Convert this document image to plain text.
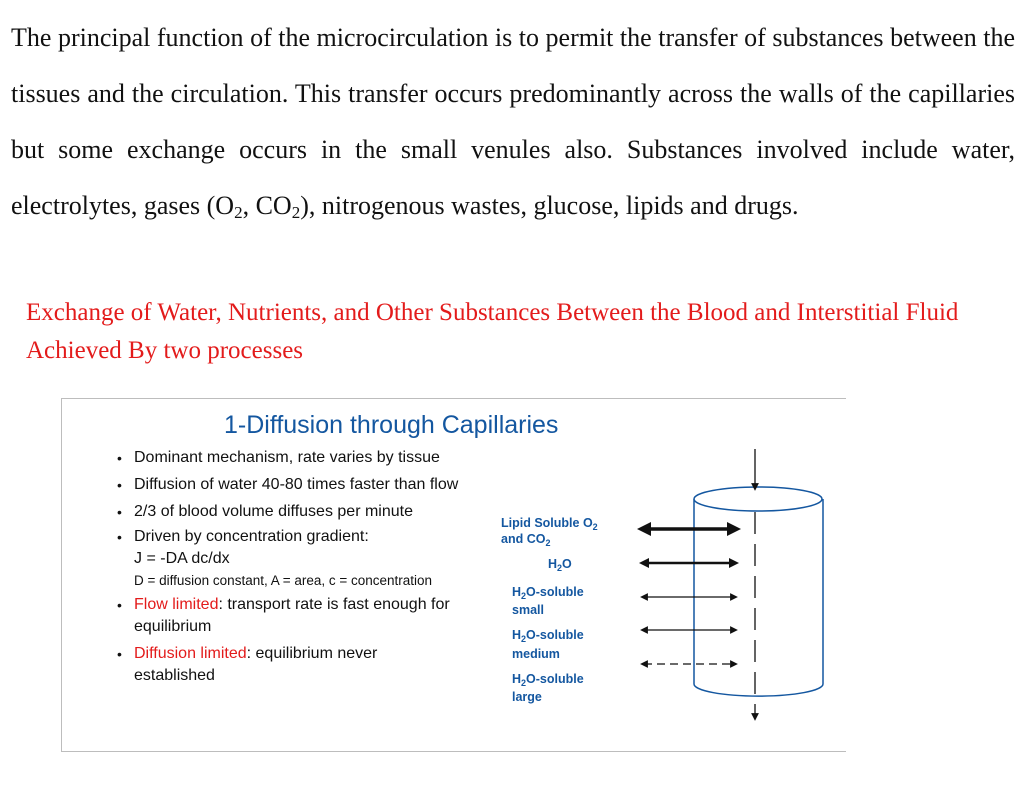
The principal function of the microcirculation is to permit the transfer of substances between the tissues and the circulation. This transfer occurs predominantly across the walls of the capillaries but some exchange occurs in the small venules also. Substances involved include water, electrolytes, gases ($O_2$, $CO_2$), nitrogenous wastes, glucose, lipids and drugs.

Exchange of Water, Nutrients, and Other Substances Between the Blood and Interstitial Fluid Achieved By two processes

1-Diffusion through Capillaries
• Dominant mechanism, rate varies by tissue
• Diffusion of water 40-80 times faster than flow
• 2/3 of blood volume diffuses per minute
• Driven by concentration gradient:
J = -DA dc/dx
D = diffusion constant, A = area, c = concentration
• Flow limited: transport rate is fast enough for equilibrium
• Diffusion limited: equilibrium never established
Lipid Soluble $O_2$
and $CO_2$
$H_2O$
$H_2O$-soluble
small
$H_2O$-soluble
medium
$H_2O$-soluble
large
